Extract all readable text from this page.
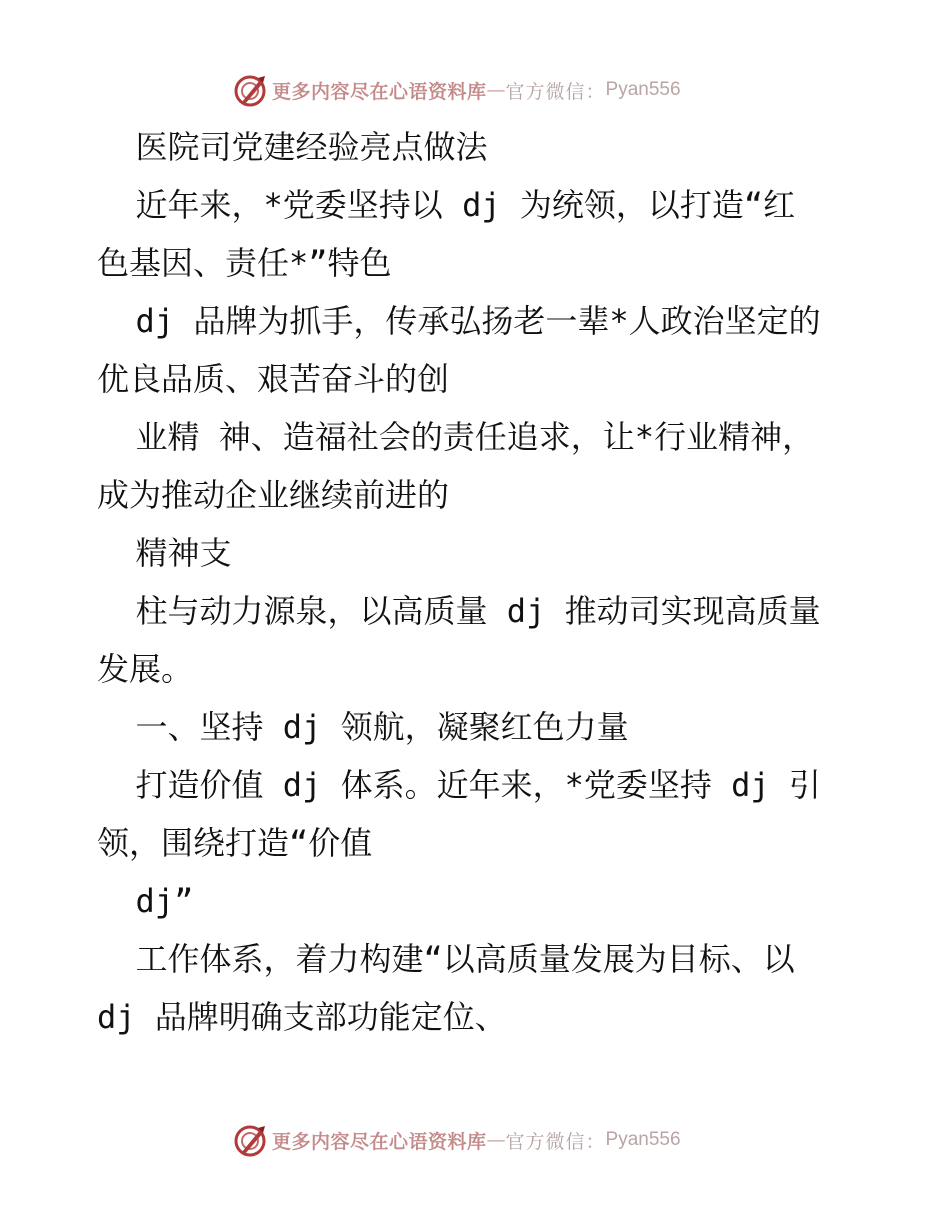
更多内容尽在心语资料库 — 官方微信： Pyan556
医院司党建经验亮点做法
近年来，*党委坚持以 dj 为统领，以打造“红
色基因、责任*”特色
dj 品牌为抓手，传承弘扬老一辈*人政治坚定的
优良品质、艰苦奋斗的创
业精 神、造福社会的责任追求，让*行业精神，
成为推动企业继续前进的
精神支
柱与动力源泉，以高质量 dj 推动司实现高质量
发展。
一、坚持 dj 领航，凝聚红色力量
打造价值 dj 体系。近年来，*党委坚持 dj 引
领，围绕打造“价值
dj”
工作体系，着力构建“以高质量发展为目标、以
dj 品牌明确支部功能定位、
更多内容尽在心语资料库 — 官方微信： Pyan556
